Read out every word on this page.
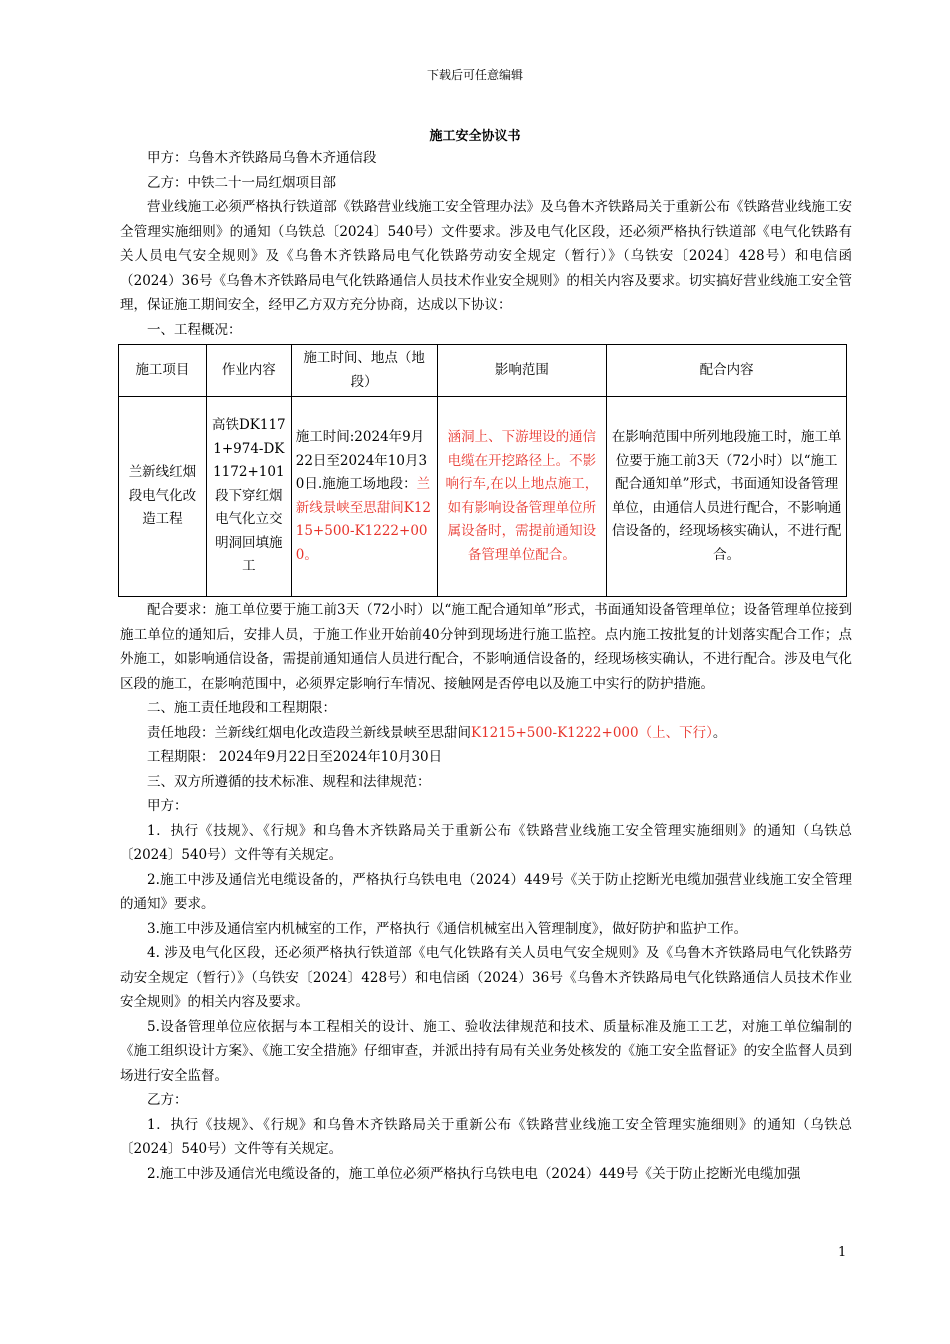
下载后可任意编辑
施工安全协议书

甲方：乌鲁木齐铁路局乌鲁木齐通信段

乙方：中铁二十一局红烟项目部

营业线施工必须严格执行铁道部《铁路营业线施工安全管理办法》及乌鲁木齐铁路局关于重新公布《铁路营业线施工安全管理实施细则》的通知（乌铁总〔2024〕540号）文件要求。涉及电气化区段，还必须严格执行铁道部《电气化铁路有关人员电气安全规则》及《乌鲁木齐铁路局电气化铁路劳动安全规定（暂行）》（乌铁安〔2024〕428号）和电信函（2024）36号《乌鲁木齐铁路局电气化铁路通信人员技术作业安全规则》的相关内容及要求。切实搞好营业线施工安全管理，保证施工期间安全，经甲乙方双方充分协商，达成以下协议：

一、工程概况：

施工项目	作业内容	施工时间、地点（地段）	影响范围	配合内容
兰新线红烟段电气化改造工程	高铁DK1171+974-DK1172+101段下穿红烟电气化立交明洞回填施工	施工时间:2024年9月22日至2024年10月30日.施施工场地段：兰新线景峡至思甜间K1215+500-K1222+000。	涵洞上、下游埋设的通信电缆在开挖路径上。不影响行车,在以上地点施工，如有影响设备管理单位所属设备时，需提前通知设备管理单位配合。	在影响范围中所列地段施工时，施工单位要于施工前3天（72小时）以“施工配合通知单”形式，书面通知设备管理单位，由通信人员进行配合，不影响通信设备的，经现场核实确认，不进行配合。

配合要求：施工单位要于施工前3天（72小时）以“施工配合通知单”形式，书面通知设备管理单位；设备管理单位接到施工单位的通知后，安排人员，于施工作业开始前40分钟到现场进行施工监控。点内施工按批复的计划落实配合工作；点外施工，如影响通信设备，需提前通知通信人员进行配合，不影响通信设备的，经现场核实确认，不进行配合。涉及电气化区段的施工，在影响范围中，必须界定影响行车情况、接触网是否停电以及施工中实行的防护措施。

二、施工责任地段和工程期限：

责任地段：兰新线红烟电化改造段兰新线景峡至思甜间K1215+500-K1222+000（上、下行）。

工程期限： 2024年9月22日至2024年10月30日

三、双方所遵循的技术标准、规程和法律规范：

甲方：

1．执行《技规》、《行规》和乌鲁木齐铁路局关于重新公布《铁路营业线施工安全管理实施细则》的通知（乌铁总〔2024〕540号）文件等有关规定。

2.施工中涉及通信光电缆设备的，严格执行乌铁电电（2024）449号《关于防止挖断光电缆加强营业线施工安全管理的通知》要求。

3.施工中涉及通信室内机械室的工作，严格执行《通信机械室出入管理制度》，做好防护和监护工作。

4. 涉及电气化区段，还必须严格执行铁道部《电气化铁路有关人员电气安全规则》及《乌鲁木齐铁路局电气化铁路劳动安全规定（暂行）》（乌铁安〔2024〕428号）和电信函（2024）36号《乌鲁木齐铁路局电气化铁路通信人员技术作业安全规则》的相关内容及要求。

5.设备管理单位应依据与本工程相关的设计、施工、验收法律规范和技术、质量标准及施工工艺，对施工单位编制的《施工组织设计方案》、《施工安全措施》仔细审查，并派出持有局有关业务处核发的《施工安全监督证》的安全监督人员到场进行安全监督。

乙方：

1．执行《技规》、《行规》和乌鲁木齐铁路局关于重新公布《铁路营业线施工安全管理实施细则》的通知（乌铁总〔2024〕540号）文件等有关规定。

2.施工中涉及通信光电缆设备的，施工单位必须严格执行乌铁电电（2024）449号《关于防止挖断光电缆加强

1
